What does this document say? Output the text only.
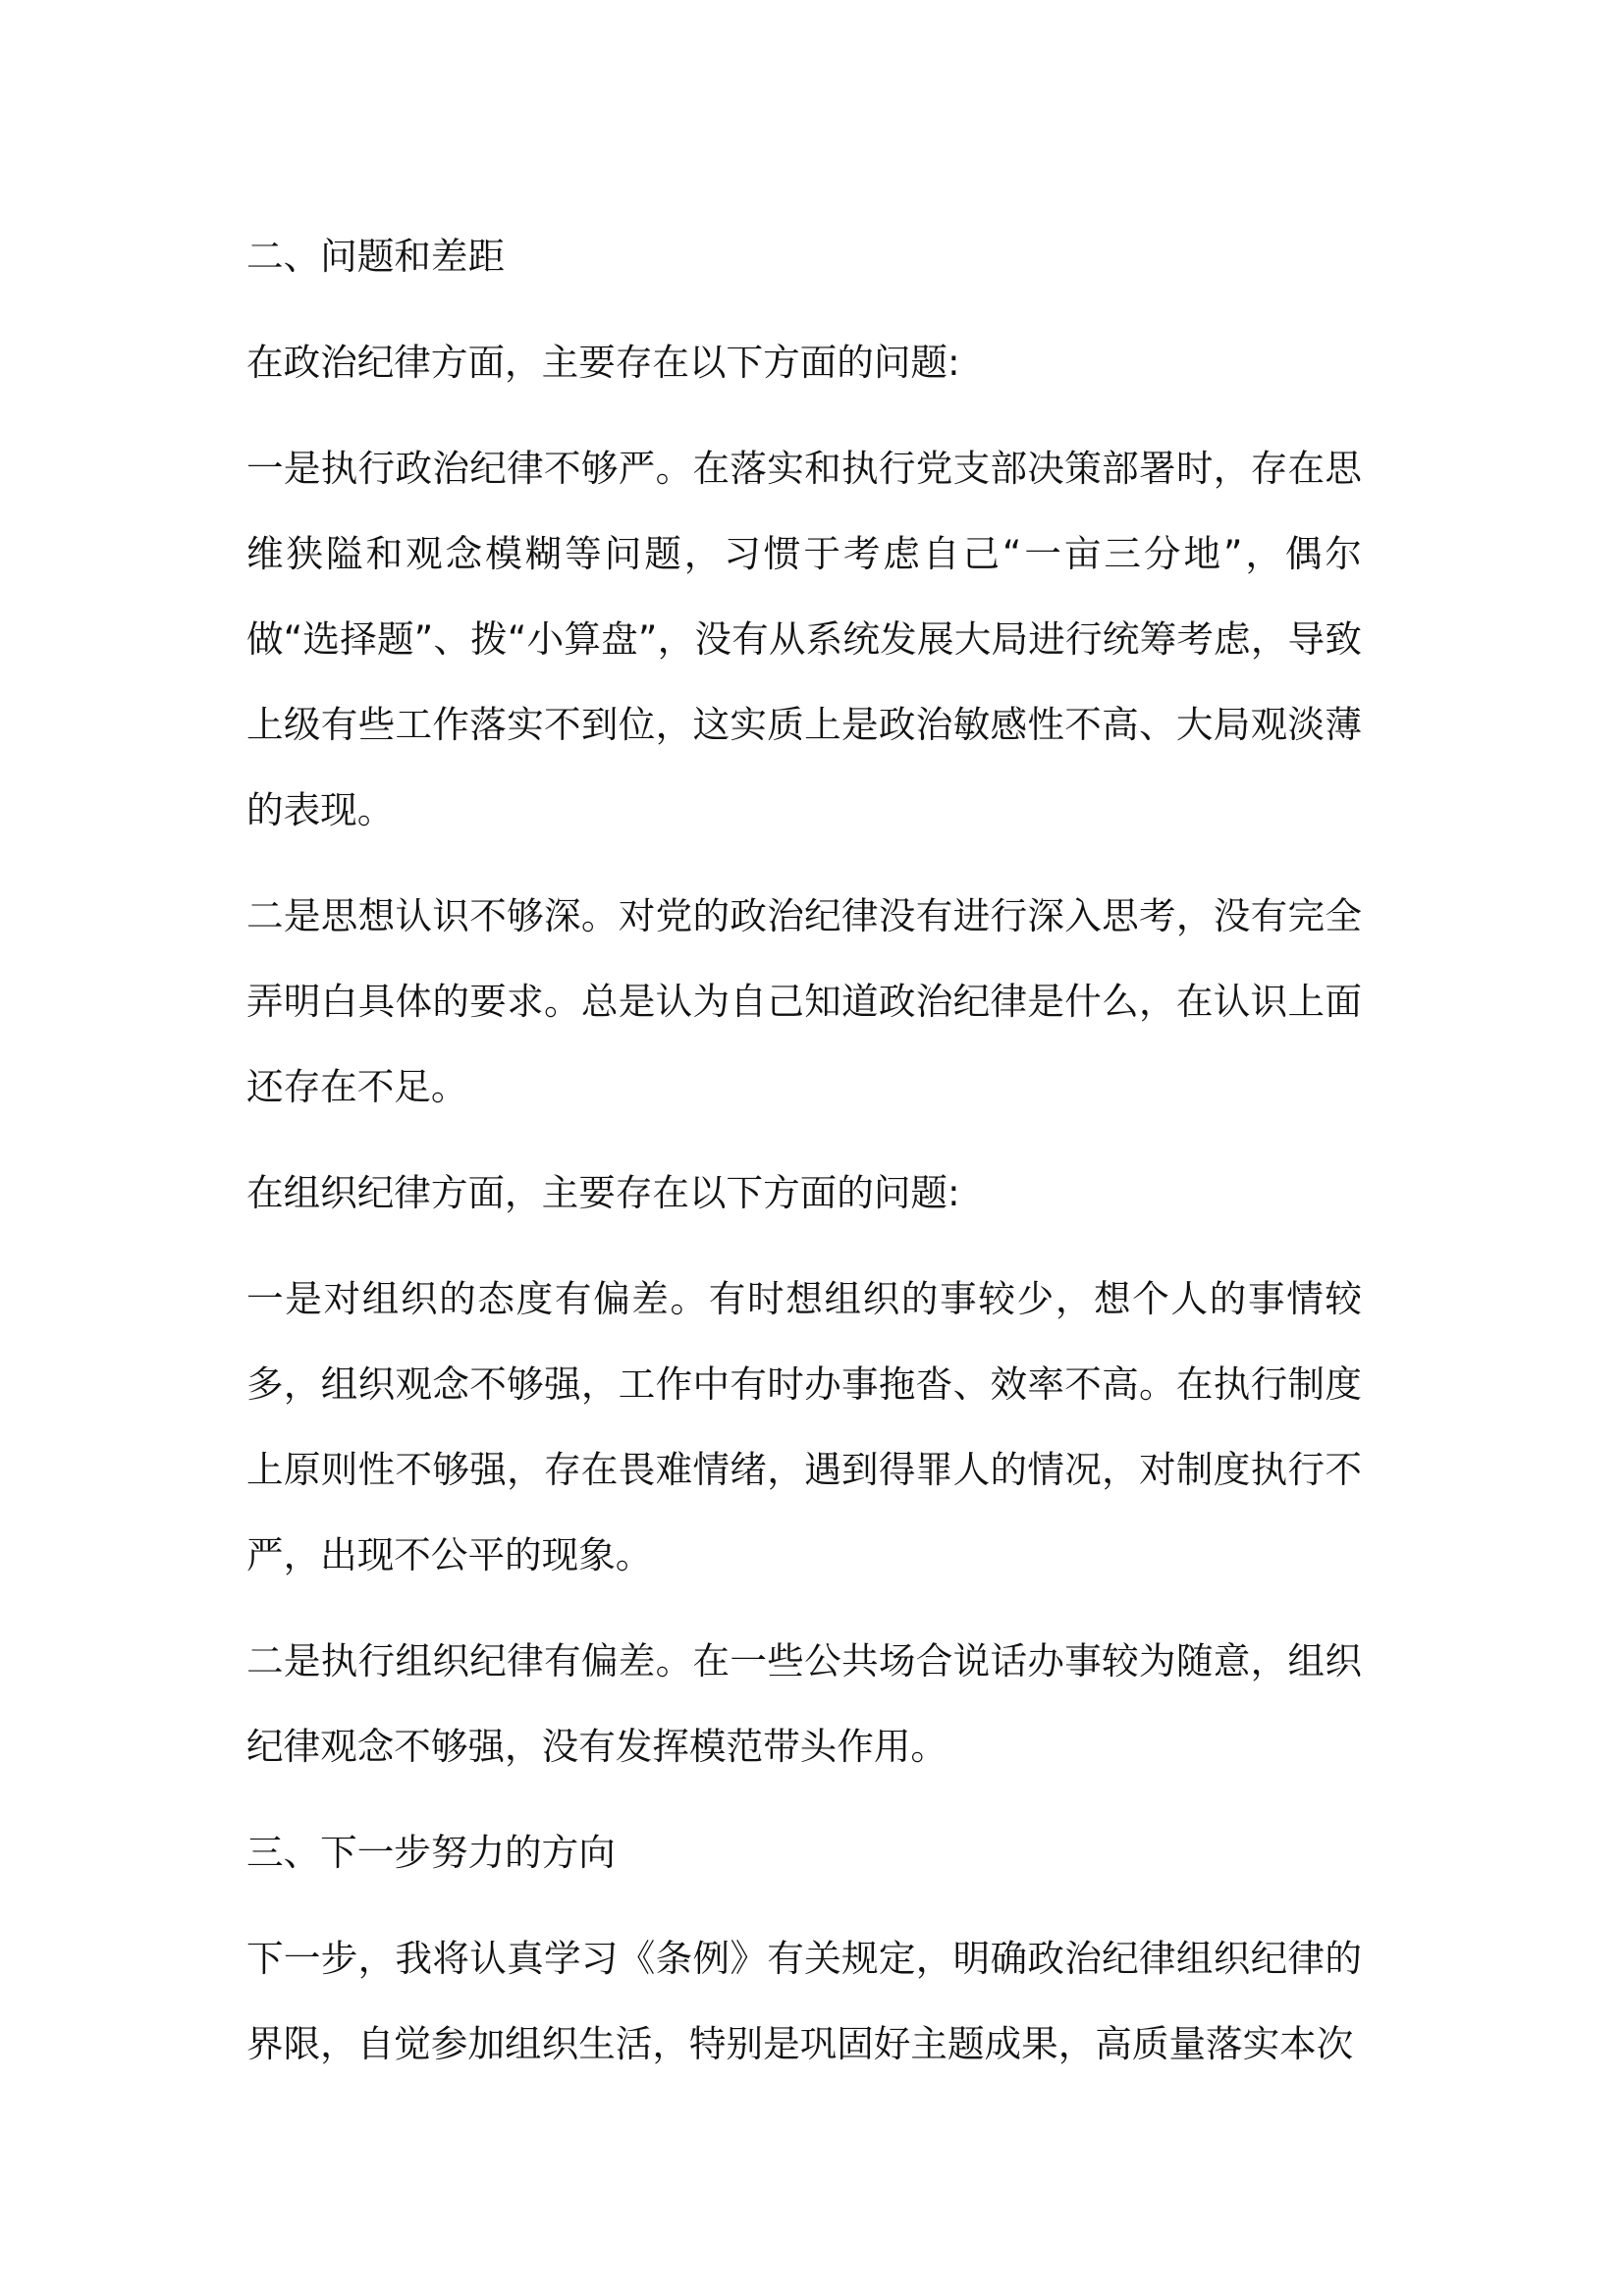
二、问题和差距

在政治纪律方面，主要存在以下方面的问题:

一是执行政治纪律不够严。在落实和执行党支部决策部署时，存在思维狭隘和观念模糊等问题，习惯于考虑自己“一亩三分地”，偶尔做“选择题”、拨“小算盘”，没有从系统发展大局进行统筹考虑，导致上级有些工作落实不到位，这实质上是政治敏感性不高、大局观淡薄的表现。

二是思想认识不够深。对党的政治纪律没有进行深入思考，没有完全弄明白具体的要求。总是认为自己知道政治纪律是什么，在认识上面还存在不足。

在组织纪律方面，主要存在以下方面的问题:

一是对组织的态度有偏差。有时想组织的事较少，想个人的事情较多，组织观念不够强，工作中有时办事拖沓、效率不高。在执行制度上原则性不够强，存在畏难情绪，遇到得罪人的情况，对制度执行不严，出现不公平的现象。

二是执行组织纪律有偏差。在一些公共场合说话办事较为随意，组织纪律观念不够强，没有发挥模范带头作用。

三、下一步努力的方向

下一步，我将认真学习《条例》有关规定，明确政治纪律组织纪律的界限，自觉参加组织生活，特别是巩固好主题成果，高质量落实本次
